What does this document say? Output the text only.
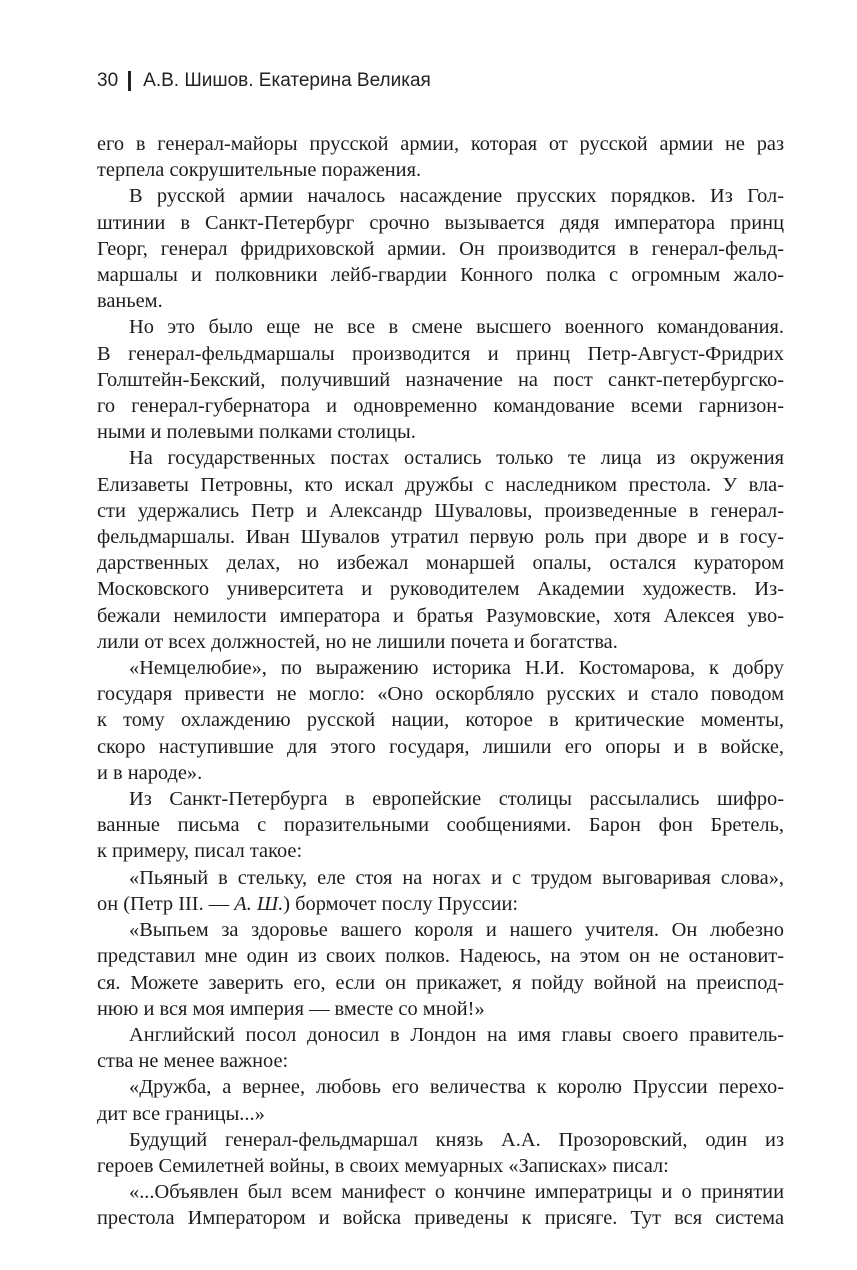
30 А.В. Шишов. Екатерина Великая
его в генерал-майоры прусской армии, которая от русской армии не раз
терпела сокрушительные поражения.
В русской армии началось насаждение прусских порядков. Из Гол-
штинии в Санкт-Петербург срочно вызывается дядя императора принц
Георг, генерал фридриховской армии. Он производится в генерал-фельд-
маршалы и полковники лейб-гвардии Конного полка с огромным жало-
ваньем.
Но это было еще не все в смене высшего военного командования.
В генерал-фельдмаршалы производится и принц Петр-Август-Фридрих
Голштейн-Бекский, получивший назначение на пост санкт-петербургско-
го генерал-губернатора и одновременно командование всеми гарнизон-
ными и полевыми полками столицы.
На государственных постах остались только те лица из окружения
Елизаветы Петровны, кто искал дружбы с наследником престола. У вла-
сти удержались Петр и Александр Шуваловы, произведенные в генерал-
фельдмаршалы. Иван Шувалов утратил первую роль при дворе и в госу-
дарственных делах, но избежал монаршей опалы, остался куратором
Московского университета и руководителем Академии художеств. Из-
бежали немилости императора и братья Разумовские, хотя Алексея уво-
лили от всех должностей, но не лишили почета и богатства.
«Немцелюбие», по выражению историка Н.И. Костомарова, к добру
государя привести не могло: «Оно оскорбляло русских и стало поводом
к тому охлаждению русской нации, которое в критические моменты,
скоро наступившие для этого государя, лишили его опоры и в войске,
и в народе».
Из Санкт-Петербурга в европейские столицы рассылались шифро-
ванные письма с поразительными сообщениями. Барон фон Бретель,
к примеру, писал такое:
«Пьяный в стельку, еле стоя на ногах и с трудом выговаривая слова»,
он (Петр III. — А. Ш.) бормочет послу Пруссии:
«Выпьем за здоровье вашего короля и нашего учителя. Он любезно
представил мне один из своих полков. Надеюсь, на этом он не остановит-
ся. Можете заверить его, если он прикажет, я пойду войной на преиспод-
нюю и вся моя империя — вместе со мной!»
Английский посол доносил в Лондон на имя главы своего правитель-
ства не менее важное:
«Дружба, а вернее, любовь его величества к королю Пруссии перехо-
дит все границы...»
Будущий генерал-фельдмаршал князь А.А. Прозоровский, один из
героев Семилетней войны, в своих мемуарных «Записках» писал:
«...Объявлен был всем манифест о кончине императрицы и о принятии
престола Императором и войска приведены к присяге. Тут вся система
